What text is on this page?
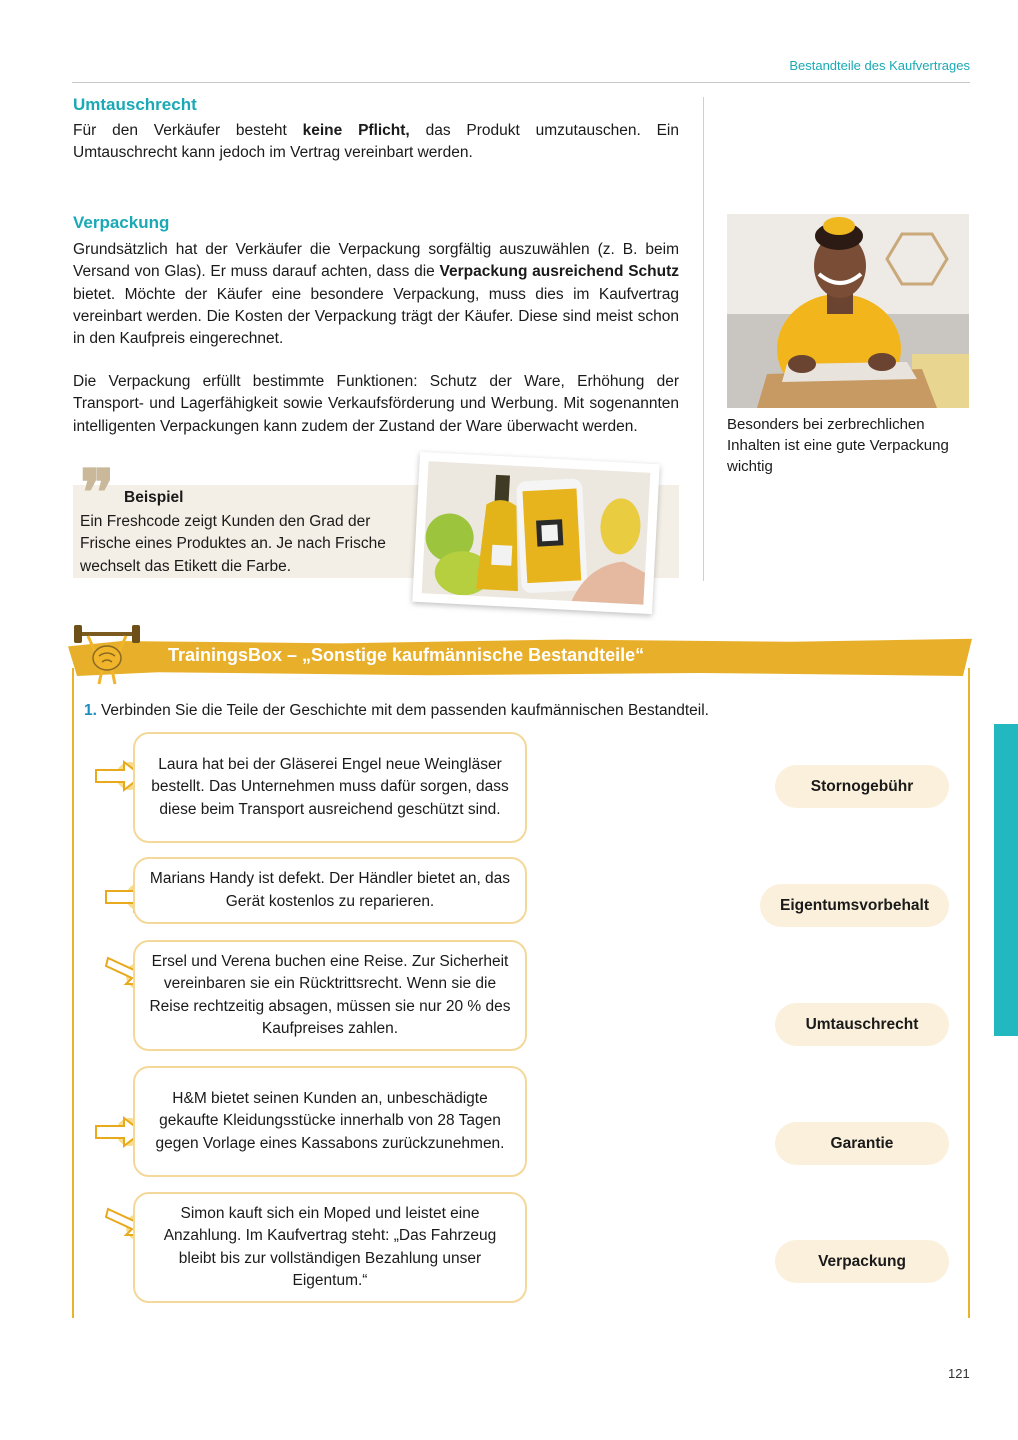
Bestandteile des Kaufvertrages
Umtauschrecht

Für den Verkäufer besteht keine Pflicht, das Produkt umzutauschen. Ein Umtauschrecht kann jedoch im Vertrag vereinbart werden.

Verpackung

Grundsätzlich hat der Verkäufer die Verpackung sorgfältig auszuwählen (z. B. beim Versand von Glas). Er muss darauf achten, dass die Verpackung ausreichend Schutz bietet. Möchte der Käufer eine besondere Verpackung, muss dies im Kaufvertrag vereinbart werden. Die Kosten der Verpackung trägt der Käufer. Diese sind meist schon in den Kaufpreis eingerechnet.

Die Verpackung erfüllt bestimmte Funktionen: Schutz der Ware, Erhöhung der Transport- und Lagerfähigkeit sowie Verkaufsförderung und Werbung. Mit sogenannten intelligenten Verpackungen kann zudem der Zustand der Ware überwacht werden.	Besonders bei zerbrechlichen Inhalten ist eine gute Verpackung wichtig
❞ Beispiel
Ein Freshcode zeigt Kunden den Grad der Frische eines Produktes an. Je nach Frische wechselt das Etikett die Farbe.
TrainingsBox – „Sonstige kaufmännische Bestandteile“
1. Verbinden Sie die Teile der Geschichte mit dem passenden kaufmännischen Bestandteil.
Laura hat bei der Gläserei Engel neue Weingläser bestellt. Das Unternehmen muss dafür sorgen, dass diese beim Transport ausreichend geschützt sind.
Marians Handy ist defekt. Der Händler bietet an, das Gerät kostenlos zu reparieren.
Ersel und Verena buchen eine Reise. Zur Sicherheit vereinbaren sie ein Rücktrittsrecht. Wenn sie die Reise rechtzeitig absagen, müssen sie nur 20 % des Kaufpreises zahlen.
H&M bietet seinen Kunden an, unbeschädigte gekaufte Kleidungsstücke innerhalb von 28 Tagen gegen Vorlage eines Kassabons zurückzunehmen.
Simon kauft sich ein Moped und leistet eine Anzahlung. Im Kaufvertrag steht: „Das Fahrzeug bleibt bis zur vollständigen Bezahlung unser Eigentum.“
Stornogebühr
Eigentumsvorbehalt
Umtauschrecht
Garantie
Verpackung
121
